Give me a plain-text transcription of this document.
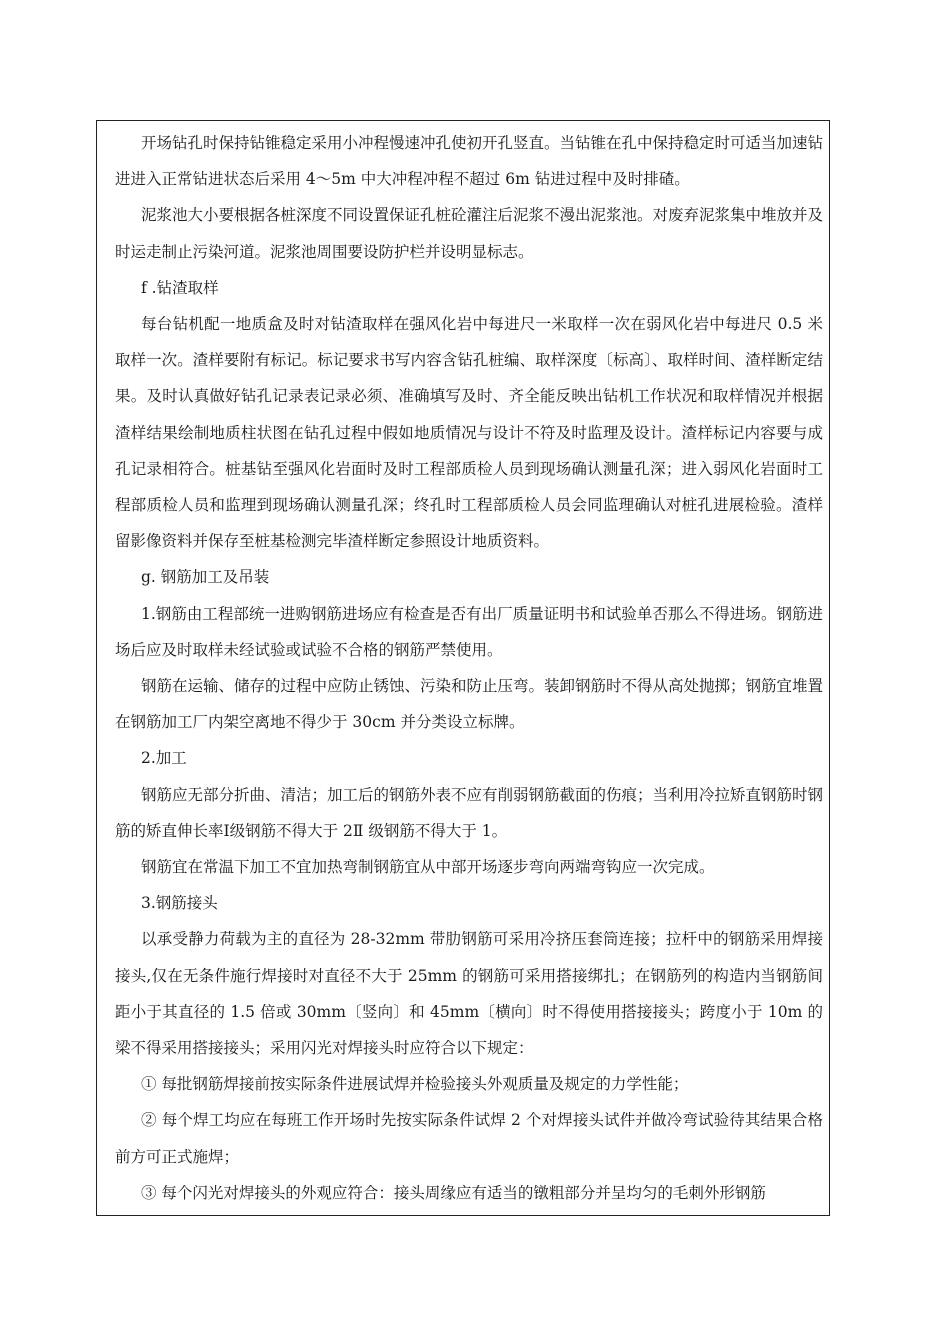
开场钻孔时保持钻锥稳定采用小冲程慢速冲孔使初开孔竖直。当钻锥在孔中保持稳定时可适当加速钻进进入正常钻进状态后采用 4～5m 中大冲程冲程不超过 6m 钻进过程中及时排碴。

泥浆池大小要根据各桩深度不同设置保证孔桩砼灌注后泥浆不漫出泥浆池。对废弃泥浆集中堆放并及时运走制止污染河道。泥浆池周围要设防护栏并设明显标志。

f .钻渣取样

每台钻机配一地质盒及时对钻渣取样在强风化岩中每进尺一米取样一次在弱风化岩中每进尺 0.5 米取样一次。渣样要附有标记。标记要求书写内容含钻孔桩编、取样深度〔标高〕、取样时间、渣样断定结果。及时认真做好钻孔记录表记录必须、准确填写及时、齐全能反映出钻机工作状况和取样情况并根据渣样结果绘制地质柱状图在钻孔过程中假如地质情况与设计不符及时监理及设计。渣样标记内容要与成孔记录相符合。桩基钻至强风化岩面时及时工程部质检人员到现场确认测量孔深；进入弱风化岩面时工程部质检人员和监理到现场确认测量孔深；终孔时工程部质检人员会同监理确认对桩孔进展检验。渣样留影像资料并保存至桩基检测完毕渣样断定参照设计地质资料。

g. 钢筋加工及吊装

1.钢筋由工程部统一进购钢筋进场应有检查是否有出厂质量证明书和试验单否那么不得进场。钢筋进场后应及时取样未经试验或试验不合格的钢筋严禁使用。

钢筋在运输、储存的过程中应防止锈蚀、污染和防止压弯。装卸钢筋时不得从高处抛掷；钢筋宜堆置在钢筋加工厂内架空离地不得少于 30cm 并分类设立标牌。

2.加工

钢筋应无部分折曲、清洁；加工后的钢筋外表不应有削弱钢筋截面的伤痕；当利用冷拉矫直钢筋时钢筋的矫直伸长率Ⅰ级钢筋不得大于 2Ⅱ 级钢筋不得大于 1。

钢筋宜在常温下加工不宜加热弯制钢筋宜从中部开场逐步弯向两端弯钩应一次完成。

3.钢筋接头

以承受静力荷载为主的直径为 28-32mm 带肋钢筋可采用冷挤压套筒连接；拉杆中的钢筋采用焊接接头,仅在无条件施行焊接时对直径不大于 25mm 的钢筋可采用搭接绑扎；在钢筋列的构造内当钢筋间距小于其直径的 1.5 倍或 30mm〔竖向〕和 45mm〔横向〕时不得使用搭接接头；跨度小于 10m 的梁不得采用搭接接头；采用闪光对焊接头时应符合以下规定：

① 每批钢筋焊接前按实际条件进展试焊并检验接头外观质量及规定的力学性能；

② 每个焊工均应在每班工作开场时先按实际条件试焊 2 个对焊接头试件并做冷弯试验待其结果合格前方可正式施焊；

③ 每个闪光对焊接头的外观应符合：接头周缘应有适当的镦粗部分并呈均匀的毛刺外形钢筋
